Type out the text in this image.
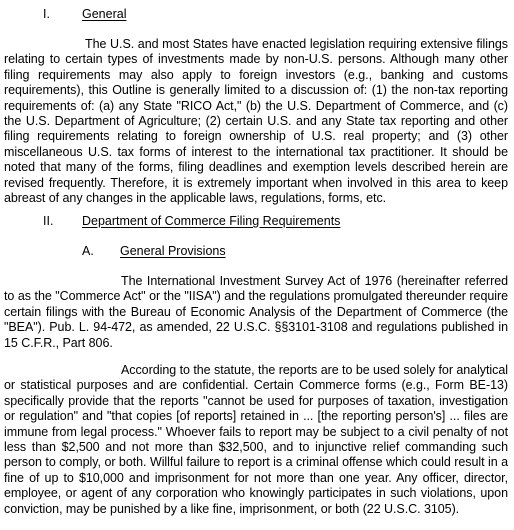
I.	General

The U.S. and most States have enacted legislation requiring extensive filings relating to certain types of investments made by non-U.S. persons. Although many other filing requirements may also apply to foreign investors (e.g., banking and customs requirements), this Outline is generally limited to a discussion of: (1) the non-tax reporting requirements of: (a) any State "RICO Act," (b) the U.S. Department of Commerce, and (c) the U.S. Department of Agriculture; (2) certain U.S. and any State tax reporting and other filing requirements relating to foreign ownership of U.S. real property; and (3) other miscellaneous U.S. tax forms of interest to the international tax practitioner. It should be noted that many of the forms, filing deadlines and exemption levels described herein are revised frequently. Therefore, it is extremely important when involved in this area to keep abreast of any changes in the applicable laws, regulations, forms, etc.

II. Department of Commerce Filing Requirements
A. General Provisions

The International Investment Survey Act of 1976 (hereinafter referred to as the "Commerce Act" or the "IISA") and the regulations promulgated thereunder require certain filings with the Bureau of Economic Analysis of the Department of Commerce (the "BEA"). Pub. L. 94-472, as amended, 22 U.S.C. §§3101-3108 and regulations published in 15 C.F.R., Part 806.

According to the statute, the reports are to be used solely for analytical or statistical purposes and are confidential. Certain Commerce forms (e.g., Form BE-13) specifically provide that the reports "cannot be used for purposes of taxation, investigation or regulation" and "that copies [of reports] retained in ... [the reporting person's] ... files are immune from legal process." Whoever fails to report may be subject to a civil penalty of not less than $2,500 and not more than $32,500, and to injunctive relief commanding such person to comply, or both. Willful failure to report is a criminal offense which could result in a fine of up to $10,000 and imprisonment for not more than one year. Any officer, director, employee, or agent of any corporation who knowingly participates in such violations, upon conviction, may be punished by a like fine, imprisonment, or both (22 U.S.C. 3105).
